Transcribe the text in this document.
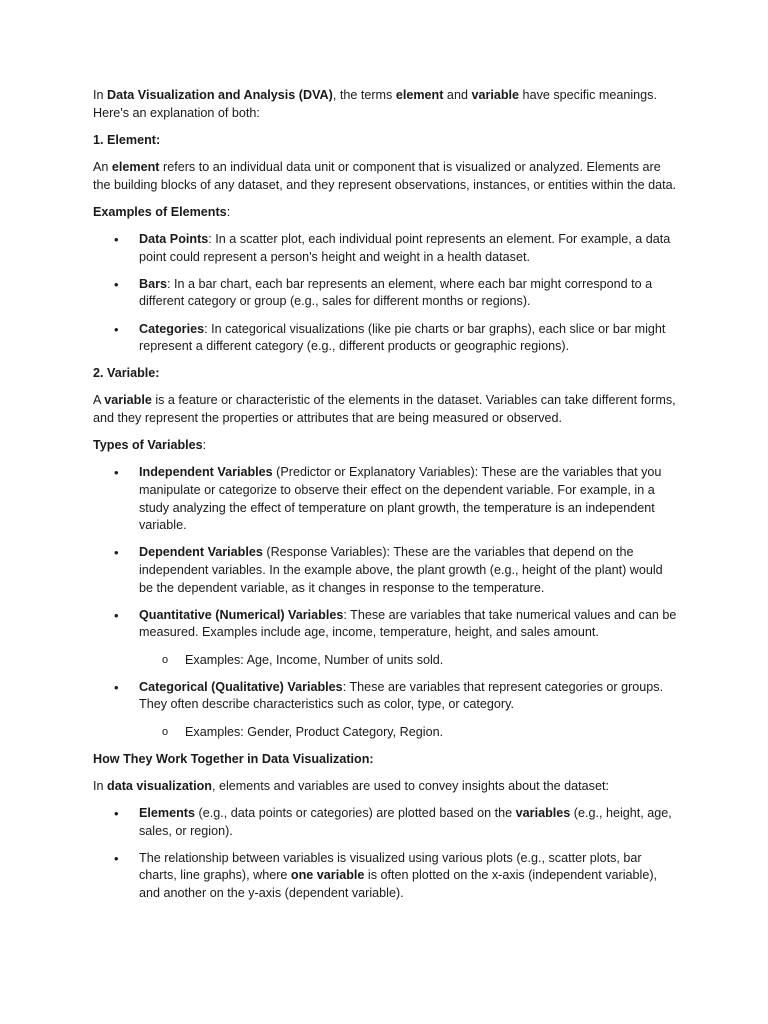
In Data Visualization and Analysis (DVA), the terms element and variable have specific meanings. Here's an explanation of both:

1. Element:

An element refers to an individual data unit or component that is visualized or analyzed. Elements are the building blocks of any dataset, and they represent observations, instances, or entities within the data.

Examples of Elements:

• Data Points: In a scatter plot, each individual point represents an element. For example, a data point could represent a person's height and weight in a health dataset.
• Bars: In a bar chart, each bar represents an element, where each bar might correspond to a different category or group (e.g., sales for different months or regions).
• Categories: In categorical visualizations (like pie charts or bar graphs), each slice or bar might represent a different category (e.g., different products or geographic regions).

2. Variable:

A variable is a feature or characteristic of the elements in the dataset. Variables can take different forms, and they represent the properties or attributes that are being measured or observed.

Types of Variables:

• Independent Variables (Predictor or Explanatory Variables): These are the variables that you manipulate or categorize to observe their effect on the dependent variable. For example, in a study analyzing the effect of temperature on plant growth, the temperature is an independent variable.
• Dependent Variables (Response Variables): These are the variables that depend on the independent variables. In the example above, the plant growth (e.g., height of the plant) would be the dependent variable, as it changes in response to the temperature.
• Quantitative (Numerical) Variables: These are variables that take numerical values and can be measured. Examples include age, income, temperature, height, and sales amount.
o Examples: Age, Income, Number of units sold.
• Categorical (Qualitative) Variables: These are variables that represent categories or groups. They often describe characteristics such as color, type, or category.
o Examples: Gender, Product Category, Region.

How They Work Together in Data Visualization:

In data visualization, elements and variables are used to convey insights about the dataset:

• Elements (e.g., data points or categories) are plotted based on the variables (e.g., height, age, sales, or region).
• The relationship between variables is visualized using various plots (e.g., scatter plots, bar charts, line graphs), where one variable is often plotted on the x-axis (independent variable), and another on the y-axis (dependent variable).
